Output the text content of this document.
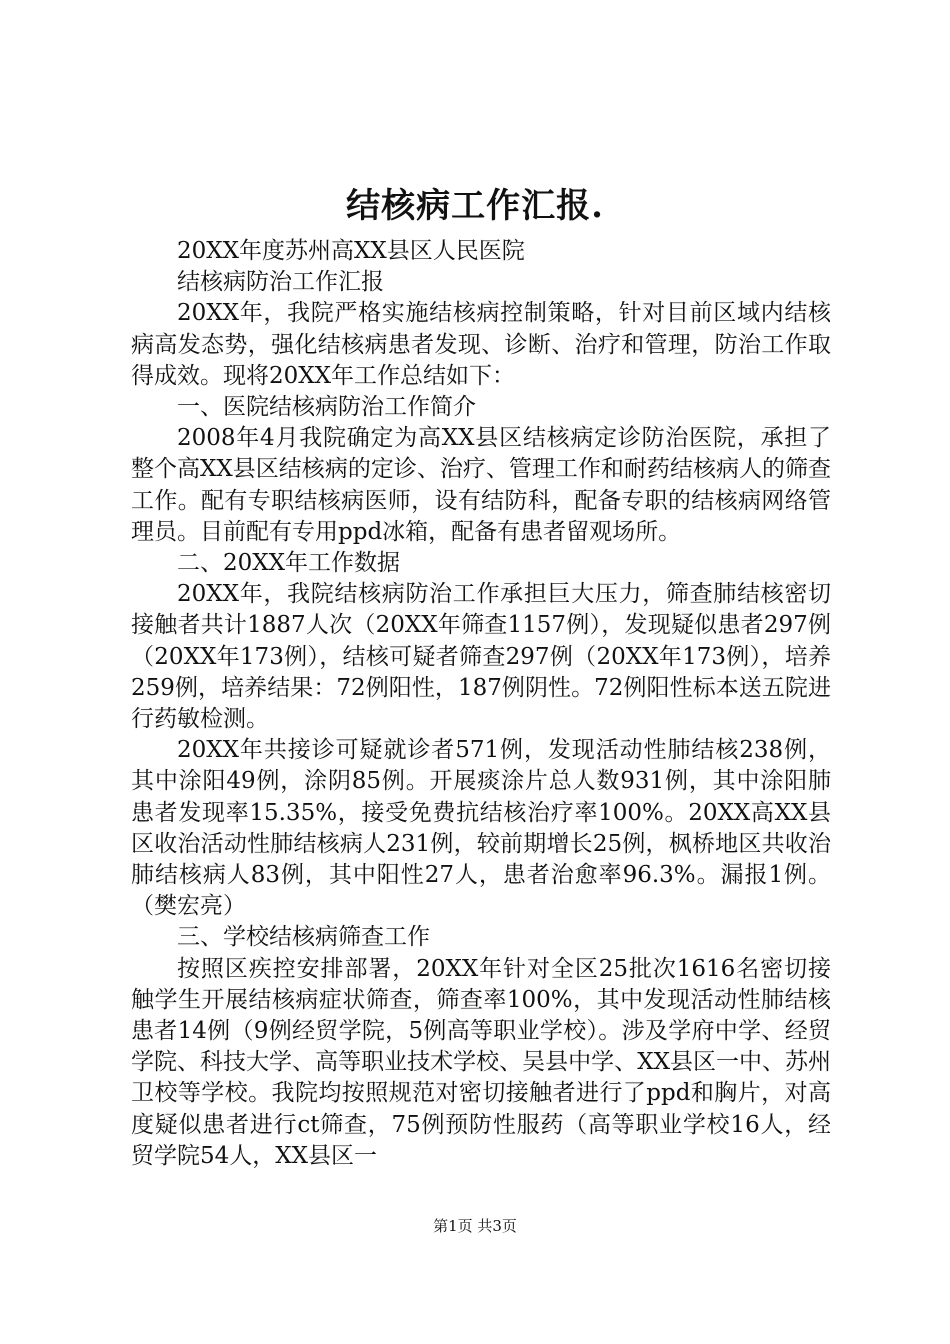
结核病工作汇报.

20XX年度苏州高XX县区人民医院

结核病防治工作汇报

20XX年，我院严格实施结核病控制策略，针对目前区域内结核病高发态势，强化结核病患者发现、诊断、治疗和管理，防治工作取得成效。现将20XX年工作总结如下：

一、医院结核病防治工作简介

2008年4月我院确定为高XX县区结核病定诊防治医院，承担了整个高XX县区结核病的定诊、治疗、管理工作和耐药结核病人的筛查工作。配有专职结核病医师，设有结防科，配备专职的结核病网络管理员。目前配有专用ppd冰箱，配备有患者留观场所。

二、20XX年工作数据

20XX年，我院结核病防治工作承担巨大压力，筛查肺结核密切接触者共计1887人次（20XX年筛查1157例），发现疑似患者297例（20XX年173例），结核可疑者筛查297例（20XX年173例），培养259例，培养结果：72例阳性，187例阴性。72例阳性标本送五院进行药敏检测。

20XX年共接诊可疑就诊者571例，发现活动性肺结核238例，其中涂阳49例，涂阴85例。开展痰涂片总人数931例，其中涂阳肺患者发现率15.35%，接受免费抗结核治疗率100%。20XX高XX县区收治活动性肺结核病人231例，较前期增长25例，枫桥地区共收治肺结核病人83例，其中阳性27人，患者治愈率96.3%。漏报1例。（樊宏亮）

三、学校结核病筛查工作

按照区疾控安排部署，20XX年针对全区25批次1616名密切接触学生开展结核病症状筛查，筛查率100%，其中发现活动性肺结核患者14例（9例经贸学院，5例高等职业学校）。涉及学府中学、经贸学院、科技大学、高等职业技术学校、吴县中学、XX县区一中、苏州卫校等学校。我院均按照规范对密切接触者进行了ppd和胸片，对高度疑似患者进行ct筛查，75例预防性服药（高等职业学校16人，经贸学院54人，XX县区一

第1页 共3页
